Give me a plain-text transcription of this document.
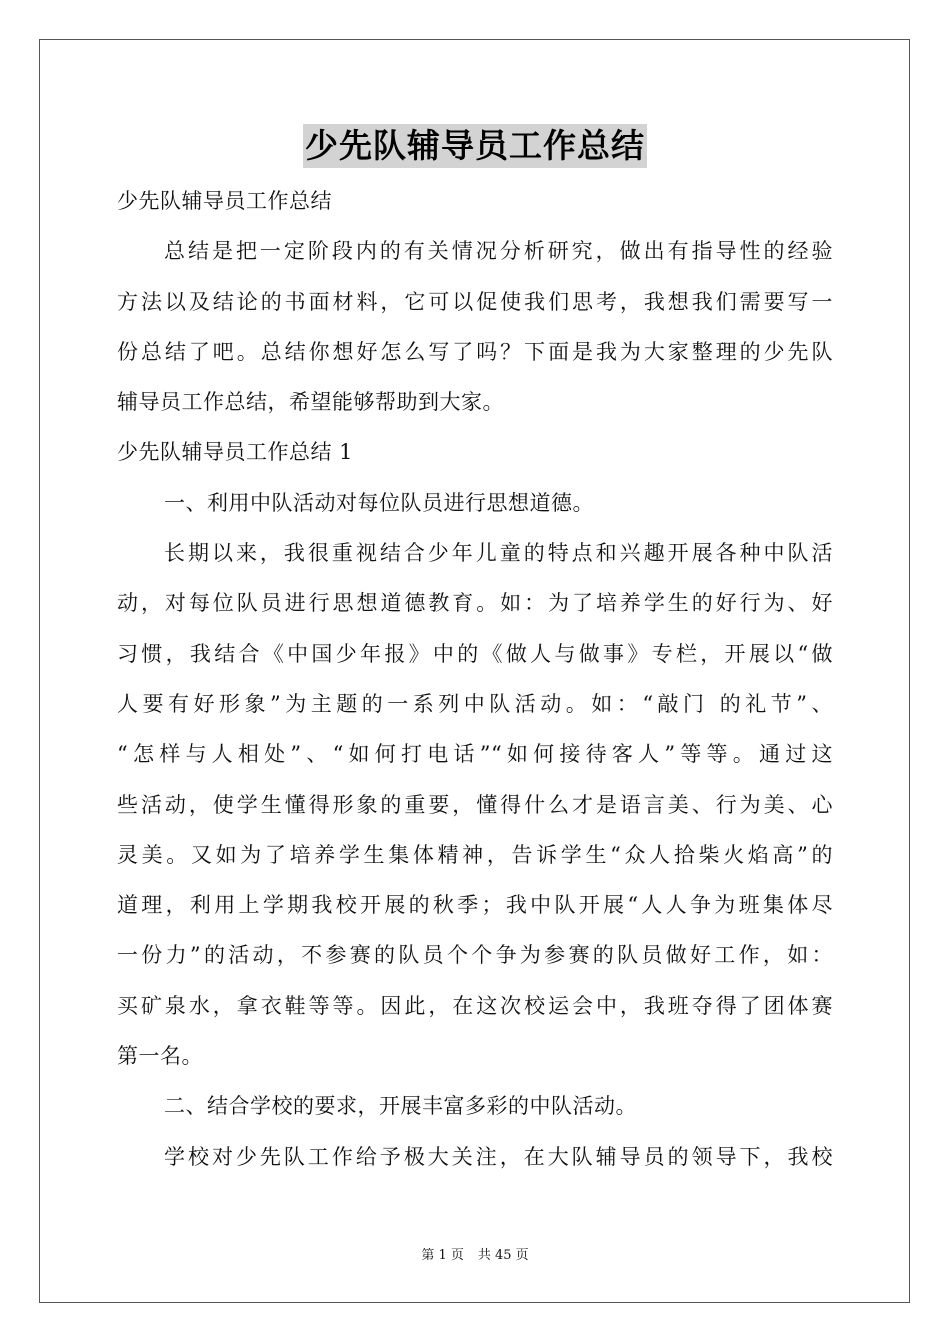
少先队辅导员工作总结
少先队辅导员工作总结
总结是把一定阶段内的有关情况分析研究，做出有指导性的经验
方法以及结论的书面材料，它可以促使我们思考，我想我们需要写一
份总结了吧。总结你想好怎么写了吗？下面是我为大家整理的少先队
辅导员工作总结，希望能够帮助到大家。
少先队辅导员工作总结 1
一、利用中队活动对每位队员进行思想道德。
长期以来，我很重视结合少年儿童的特点和兴趣开展各种中队活
动，对每位队员进行思想道德教育。如：为了培养学生的好行为、好
习惯，我结合《中国少年报》中的《做人与做事》专栏，开展以“做
人要有好形象”为主题的一系列中队活动。如：“敲门 的礼节”、
“怎样与人相处”、“如何打电话”“如何接待客人”等等。通过这
些活动，使学生懂得形象的重要，懂得什么才是语言美、行为美、心
灵美。又如为了培养学生集体精神，告诉学生“众人拾柴火焰高”的
道理，利用上学期我校开展的秋季；我中队开展“人人争为班集体尽
一份力”的活动，不参赛的队员个个争为参赛的队员做好工作，如：
买矿泉水，拿衣鞋等等。因此，在这次校运会中，我班夺得了团体赛
第一名。
二、结合学校的要求，开展丰富多彩的中队活动。
学校对少先队工作给予极大关注，在大队辅导员的领导下，我校
第 1 页 共 45 页
